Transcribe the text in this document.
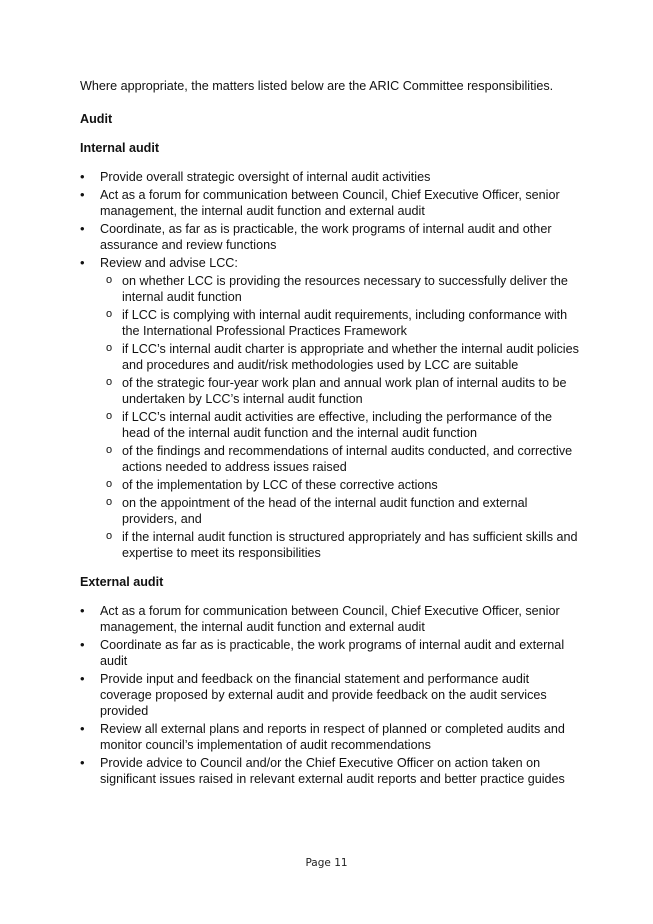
Where appropriate, the matters listed below are the ARIC Committee responsibilities.

Audit
Internal audit
• Provide overall strategic oversight of internal audit activities
• Act as a forum for communication between Council, Chief Executive Officer, senior management, the internal audit function and external audit
• Coordinate, as far as is practicable, the work programs of internal audit and other assurance and review functions
• Review and advise LCC:
o on whether LCC is providing the resources necessary to successfully deliver the internal audit function
o if LCC is complying with internal audit requirements, including conformance with the International Professional Practices Framework
o if LCC’s internal audit charter is appropriate and whether the internal audit policies and procedures and audit/risk methodologies used by LCC are suitable
o of the strategic four-year work plan and annual work plan of internal audits to be undertaken by LCC’s internal audit function
o if LCC’s internal audit activities are effective, including the performance of the head of the internal audit function and the internal audit function
o of the findings and recommendations of internal audits conducted, and corrective actions needed to address issues raised
o of the implementation by LCC of these corrective actions
o on the appointment of the head of the internal audit function and external providers, and
o if the internal audit function is structured appropriately and has sufficient skills and expertise to meet its responsibilities
External audit
• Act as a forum for communication between Council, Chief Executive Officer, senior management, the internal audit function and external audit
• Coordinate as far as is practicable, the work programs of internal audit and external audit
• Provide input and feedback on the financial statement and performance audit coverage proposed by external audit and provide feedback on the audit services provided
• Review all external plans and reports in respect of planned or completed audits and monitor council’s implementation of audit recommendations
• Provide advice to Council and/or the Chief Executive Officer on action taken on significant issues raised in relevant external audit reports and better practice guides
Page 11
